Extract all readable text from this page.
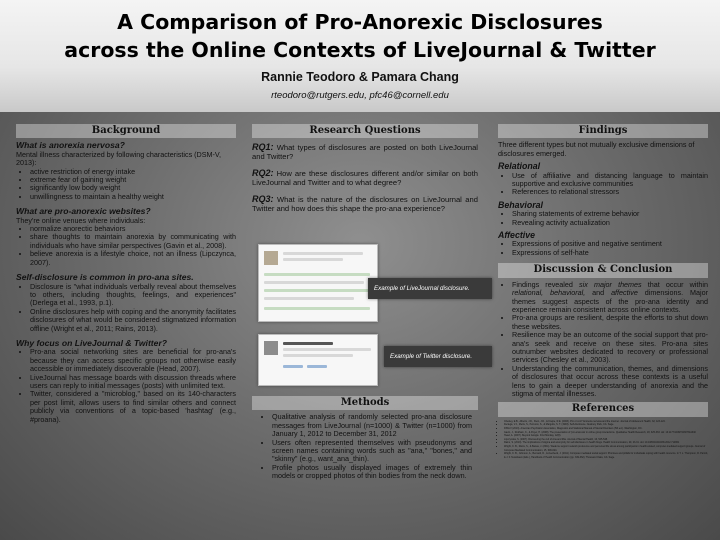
A Comparison of Pro-Anorexic Disclosures
across the Online Contexts of LiveJournal & Twitter
Rannie Teodoro & Pamara Chang
rteodoro@rutgers.edu, pfc46@cornell.edu
Background
What is anorexia nervosa?

Mental illness characterized by following characteristics (DSM-V, 2013):

• active restriction of energy intake
• extreme fear of gaining weight
• significantly low body weight
• unwillingness to maintain a healthy weight
What are pro-anorexic websites?

They're online venues where individuals:

• normalize anorectic behaviors
• share thoughts to maintain anorexia by communicating with individuals who have similar perspectives (Gavin et al., 2008).
• believe anorexia is a lifestyle choice, not an illness (Lipczynca, 2007).
Self-disclosure is common in pro-ana sites.
• Disclosure is "what individuals verbally reveal about themselves to others, including thoughts, feelings, and experiences" (Derlega et al., 1993, p.1).
• Online disclosures help with coping and the anonymity facilitates disclosures of what would be considered stigmatized information offline (Wright et al., 2011; Rains, 2013).
Why focus on LiveJournal & Twitter?
• Pro-ana social networking sites are beneficial for pro-ana's because they can access specific groups not otherwise easily accessible or immediately discoverable (Head, 2007).
• LiveJournal has message boards with discussion threads where users can reply to initial messages (posts) with unlimited text.
• Twitter, considered a "microblog," based on its 140-characters per post limit, allows users to find similar others and connect publicly via conventions of a topic-based 'hashtag' (e.g., #proana).
Research Questions

RQ1: What types of disclosures are posted on both LiveJournal and Twitter?

RQ2: How are these disclosures different and/or similar on both LiveJournal and Twitter and to what degree?

RQ3: What is the nature of the disclosures on LiveJournal and Twitter and how does this shape the pro-ana experience?

Example of LiveJournal disclosure.
Example of Twitter disclosure.
Methods
• Qualitative analysis of randomly selected pro-ana disclosure messages from LiveJournal (n=1000) & Twitter (n=1000) from January 1, 2012 to December 31, 2012
• Users often represented themselves with pseudonyms and screen names containing words such as "ana," "bones," and "skinny" (e.g., want_ana_thin).
• Profile photos usually displayed images of extremely thin models or cropped photos of thin bodies from the neck down.
Findings

Three different types but not mutually exclusive dimensions of disclosures emerged.

Relational
• Use of affiliative and distancing language to maintain supportive and exclusive communities
• References to relational stressors
Behavioral
• Sharing statements of extreme behavior
• Revealing activity actualization
Affective
• Expressions of positive and negative sentiment
• Expressions of self-hate
Discussion & Conclusion
• Findings revealed six major themes that occur within relational, behavioral, and affective dimensions. Major themes suggest aspects of the pro-ana identity and experience remain consistent across online contexts.
• Pro-ana groups are resilient, despite the efforts to shut down these websites.
• Resilience may be an outcome of the social support that pro-ana's seek and receive on these sites. Pro-ana sites outnumber websites dedicated to recovery or professional services (Chesley et al., 2003).
• Understanding the communication, themes, and dimensions of disclosures that occur across these contexts is a useful lens to gain a deeper understanding of anorexia and the stigma of mental illnesses.
References
• Chesley, E.B., Alberts, J.D., Klein, J.D., & Kreipe, R.E. (2003). Pro or con? Anorexia nervosa and the internet. Journal of Adolescent Health, 32, 123-124.
• Derlega, V.J., Metts, S., Petronio, S., & Margulis, S. T. (1993). Self-disclosure. Newbury Park, CA: Sage.
• DSM-V (2013). American Psychiatric Association, Diagnostic and Statistical Manual of Mental Disorders (5th ed.). Washington, DC.
• Gavin, J., Rodham, K., & Poyer, H. (2008). The presentation of 'pro-anorexia' in online group interactions. Qualitative Health Research, 18, 325-333. doi: 10.1177/1049732307311640
• Head, A. (2007). Beyond Google. First Monday, 12(8).
• Lipczynska, S. (2007). Discovering the cult of Ana and Mia. Journal of Mental Health, 16, 545-548.
• Rains, S. (2013). The implications of stigma and anonymity for self-disclosure in health blogs. Health Communication, 29, 23-31. doi: 10.1080/10410236.2012.714861
• Wright, K. B., Rains, S., & Banas, J. (2011). Weak tie support network preference and perceived life stress among participants in health-related, computer-mediated support groups. Journal of Computer-Mediated Communication, 15, 606-624.
• Wright, K. B., Johnson, A., Bernard, D., & Averbeck, J. (2011). Computer-mediated social support: Promises and pitfalls for individuals coping with health concerns. In T. L. Thompson, R. Parrott, & J. F. Nussbaum (Eds.), Handbook of Health Communication (pp. 349-362). Thousand Oaks, CA: Sage.
